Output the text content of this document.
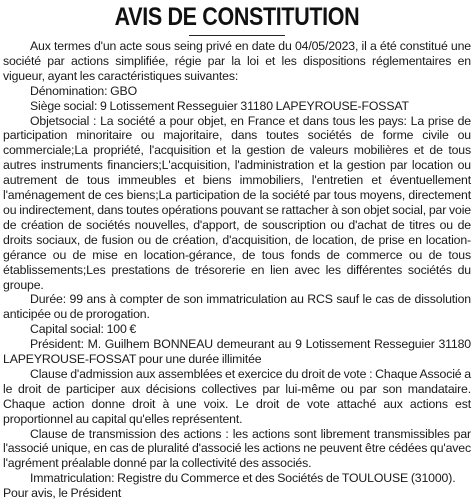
AVIS DE CONSTITUTION

Aux termes d'un acte sous seing privé en date du 04/05/2023, il a été constitué une société par actions simplifiée, régie par la loi et les dispositions réglementaires en vigueur, ayant les caractéristiques suivantes:

Dénomination: GBO

Siège social: 9 Lotissement Resseguier 31180 LAPEYROUSE-FOSSAT

Objetsocial : La société a pour objet, en France et dans tous les pays: La prise de participation minoritaire ou majoritaire, dans toutes sociétés de forme civile ou commerciale;La propriété, l'acquisition et la gestion de valeurs mobilières et de tous autres instruments financiers;L'acquisition, l'administration et la gestion par location ou autrement de tous immeubles et biens immobiliers, l'entretien et éventuellement l'aménagement de ces biens;La participation de la société par tous moyens, directement ou indirectement, dans toutes opérations pouvant se rattacher à son objet social, par voie de création de sociétés nouvelles, d'apport, de souscription ou d'achat de titres ou de droits sociaux, de fusion ou de création, d'acquisition, de location, de prise en location-gérance ou de mise en location-gérance, de tous fonds de commerce ou de tous établissements;Les prestations de trésorerie en lien avec les différentes sociétés du groupe.

Durée: 99 ans à compter de son immatriculation au RCS sauf le cas de dissolution anticipée ou de prorogation.

Capital social: 100 €

Président: M. Guilhem BONNEAU demeurant au 9 Lotissement Resseguier 31180 LAPEYROUSE-FOSSAT pour une durée illimitée

Clause d'admission aux assemblées et exercice du droit de vote : Chaque Associé a le droit de participer aux décisions collectives par lui-même ou par son mandataire. Chaque action donne droit à une voix. Le droit de vote attaché aux actions est proportionnel au capital qu'elles représentent.

Clause de transmission des actions : les actions sont librement transmissibles par l'associé unique, en cas de pluralité d'associé les actions ne peuvent être cédées qu'avec l'agrément préalable donné par la collectivité des associés.

Immatriculation: Registre du Commerce et des Sociétés de TOULOUSE (31000).

Pour avis, le Président
